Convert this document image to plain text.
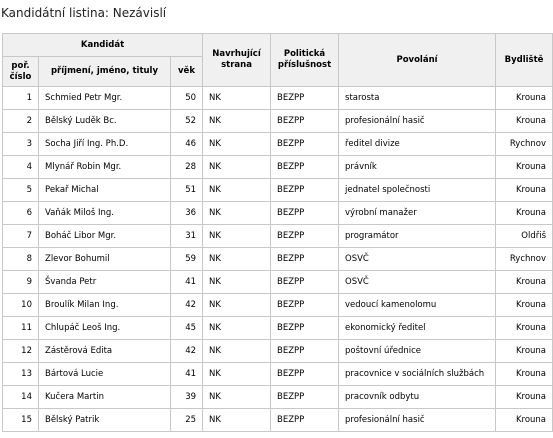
Kandidátní listina: Nezávislí
Kandidát			Navrhující strana	Politická příslušnost	Povolání	Bydliště
poř. číslo	příjmení, jméno, tituly	věk				
1	Schmied Petr Mgr.	50	NK	BEZPP	starosta	Krouna
2	Bělský Luděk Bc.	52	NK	BEZPP	profesionální hasič	Krouna
3	Socha Jiří Ing. Ph.D.	46	NK	BEZPP	ředitel divize	Rychnov
4	Mlynář Robin Mgr.	28	NK	BEZPP	právník	Krouna
5	Pekař Michal	51	NK	BEZPP	jednatel společnosti	Krouna
6	Vaňák Miloš Ing.	36	NK	BEZPP	výrobní manažer	Krouna
7	Boháč Libor Mgr.	31	NK	BEZPP	programátor	Oldřiš
8	Zlevor Bohumil	59	NK	BEZPP	OSVČ	Rychnov
9	Švanda Petr	41	NK	BEZPP	OSVČ	Krouna
10	Broulík Milan Ing.	42	NK	BEZPP	vedoucí kamenolomu	Krouna
11	Chlupáč Leoš Ing.	45	NK	BEZPP	ekonomický ředitel	Krouna
12	Zástěrová Edita	42	NK	BEZPP	poštovní úřednice	Krouna
13	Bártová Lucie	41	NK	BEZPP	pracovnice v sociálních službách	Krouna
14	Kučera Martin	39	NK	BEZPP	pracovník odbytu	Krouna
15	Bělský Patrik	25	NK	BEZPP	profesionální hasič	Krouna
